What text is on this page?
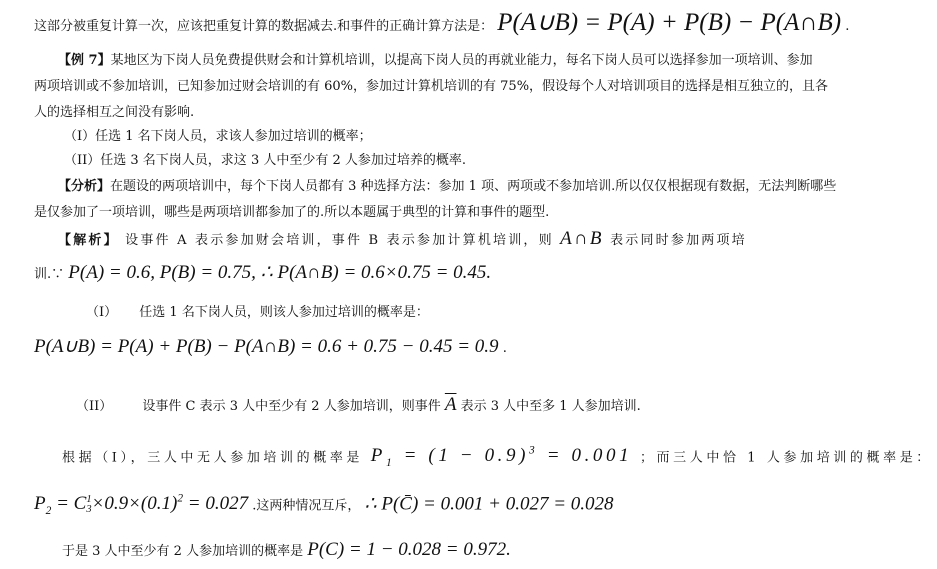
这部分被重复计算一次，应该把重复计算的数据减去.和事件的正确计算方法是： P(A∪B) = P(A) + P(B) − P(A∩B) .
【例 7】某地区为下岗人员免费提供财会和计算机培训，以提高下岗人员的再就业能力，每名下岗人员可以选择参加一项培训、参加
两项培训或不参加培训，已知参加过财会培训的有 60%，参加过计算机培训的有 75%，假设每个人对培训项目的选择是相互独立的，且各
人的选择相互之间没有影响.
（I）任选 1 名下岗人员，求该人参加过培训的概率；
（II）任选 3 名下岗人员，求这 3 人中至少有 2 人参加过培养的概率.
【分析】在题设的两项培训中，每个下岗人员都有 3 种选择方法：参加 1 项、两项或不参加培训.所以仅仅根据现有数据，无法判断哪些
是仅参加了一项培训，哪些是两项培训都参加了的.所以本题属于典型的计算和事件的题型.
【解析】 设事件 A 表示参加财会培训，事件 B 表示参加计算机培训，则 A∩B 表示同时参加两项培
训.∵ P(A) = 0.6, P(B) = 0.75, ∴ P(A∩B) = 0.6×0.75 = 0.45.
（I） 任选 1 名下岗人员，则该人参加过培训的概率是：
P(A∪B) = P(A) + P(B) − P(A∩B) = 0.6 + 0.75 − 0.45 = 0.9 .
（II） 设事件 C 表示 3 人中至少有 2 人参加培训，则事件 $\overline{A}$ 表示 3 人中至多 1 人参加培训.
根据（I），三人中无人参加培训的概率是 $P_1 = (1 - 0.9)^3 = 0.001$ ；而三人中恰 1 人参加培训的概率是：
$P_2 = C$ 1
$3 \times 0.9\times(0.1)^2 = 0.027$ .这两种情况互斥， ∴ P(C̄) = 0.001 + 0.027 = 0.028
于是 3 人中至少有 2 人参加培训的概率是 P(C) = 1 − 0.028 = 0.972.
